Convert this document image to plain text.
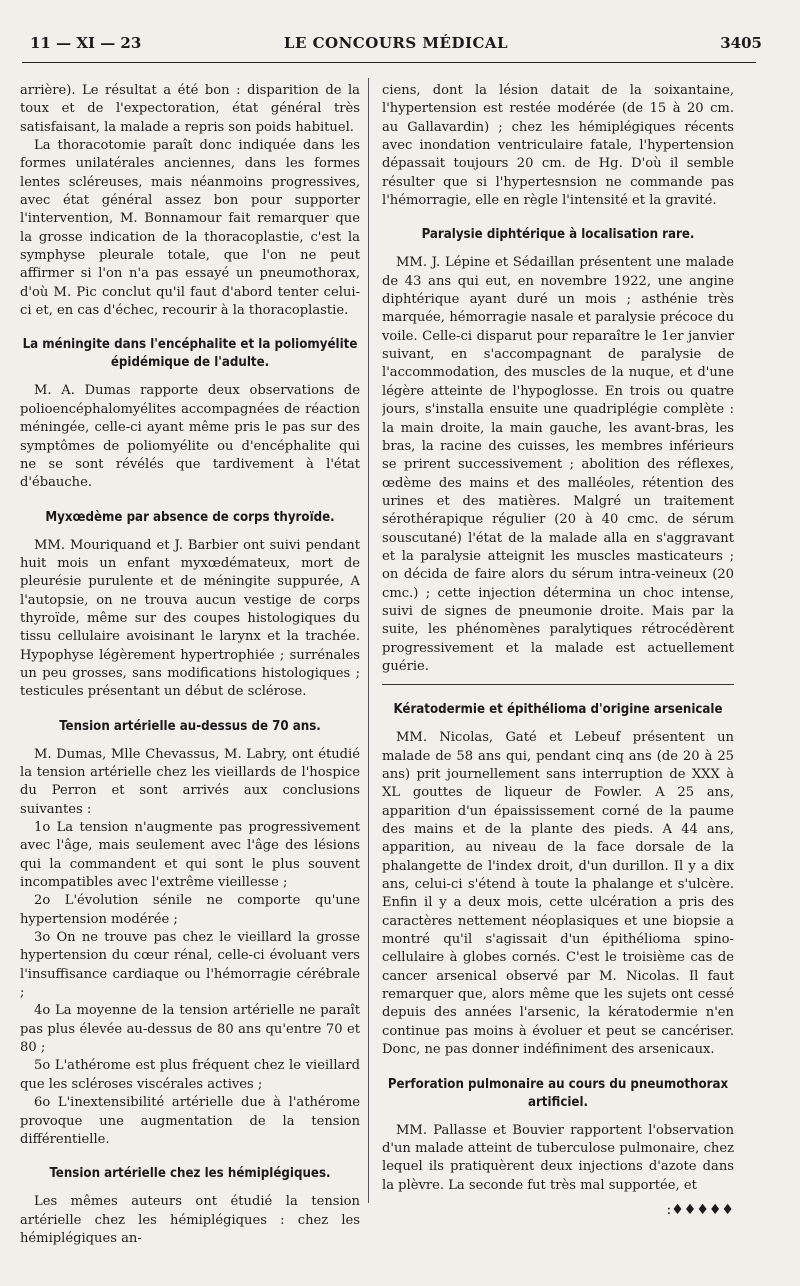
11 — XI — 23	LE CONCOURS MÉDICAL	3405

arrière). Le résultat a été bon : disparition de la toux et de l'expectoration, état général très satisfaisant, la malade a repris son poids habituel.

La thoracotomie paraît donc indiquée dans les formes unilatérales anciennes, dans les formes lentes scléreuses, mais néanmoins progressives, avec état général assez bon pour supporter l'intervention, M. Bonnamour fait remarquer que la grosse indication de la thoracoplastie, c'est la symphyse pleurale totale, que l'on ne peut affirmer si l'on n'a pas essayé un pneumothorax, d'où M. Pic conclut qu'il faut d'abord tenter celui-ci et, en cas d'échec, recourir à la thoracoplastie.

La méningite dans l'encéphalite et la poliomyélite épidémique de l'adulte.

M. A. Dumas rapporte deux observations de polioencéphalomyélites accompagnées de réaction méningée, celle-ci ayant même pris le pas sur des symptômes de poliomyélite ou d'encéphalite qui ne se sont révélés que tardivement à l'état d'ébauche.

Myxœdème par absence de corps thyroïde.

MM. Mouriquand et J. Barbier ont suivi pendant huit mois un enfant myxœdémateux, mort de pleurésie purulente et de méningite suppurée, A l'autopsie, on ne trouva aucun vestige de corps thyroïde, même sur des coupes histologiques du tissu cellulaire avoisinant le larynx et la trachée. Hypophyse légèrement hypertrophiée ; surrénales un peu grosses, sans modifications histologiques ; testicules présentant un début de sclérose.

Tension artérielle au-dessus de 70 ans.

M. Dumas, Mlle Chevassus, M. Labry, ont étudié la tension artérielle chez les vieillards de l'hospice du Perron et sont arrivés aux conclusions suivantes :

1o La tension n'augmente pas progressivement avec l'âge, mais seulement avec l'âge des lésions qui la commandent et qui sont le plus souvent incompatibles avec l'extrême vieillesse ;

2o L'évolution sénile ne comporte qu'une hypertension modérée ;

3o On ne trouve pas chez le vieillard la grosse hypertension du cœur rénal, celle-ci évoluant vers l'insuffisance cardiaque ou l'hémorragie cérébrale ;

4o La moyenne de la tension artérielle ne paraît pas plus élevée au-dessus de 80 ans qu'entre 70 et 80 ;

5o L'athérome est plus fréquent chez le vieillard que les scléroses viscérales actives ;

6o L'inextensibilité artérielle due à l'athérome provoque une augmentation de la tension différentielle.

Tension artérielle chez les hémiplégiques.

Les mêmes auteurs ont étudié la tension artérielle chez les hémiplégiques : chez les hémiplégiques an-

ciens, dont la lésion datait de la soixantaine, l'hypertension est restée modérée (de 15 à 20 cm. au Gallavardin) ; chez les hémiplégiques récents avec inondation ventriculaire fatale, l'hypertension dépassait toujours 20 cm. de Hg. D'où il semble résulter que si l'hypertesnsion ne commande pas l'hémorragie, elle en règle l'intensité et la gravité.

Paralysie diphtérique à localisation rare.

MM. J. Lépine et Sédaillan présentent une malade de 43 ans qui eut, en novembre 1922, une angine diphtérique ayant duré un mois ; asthénie très marquée, hémorragie nasale et paralysie précoce du voile. Celle-ci disparut pour reparaître le 1er janvier suivant, en s'accompagnant de paralysie de l'accommodation, des muscles de la nuque, et d'une légère atteinte de l'hypoglosse. En trois ou quatre jours, s'installa ensuite une quadriplégie complète : la main droite, la main gauche, les avant-bras, les bras, la racine des cuisses, les membres inférieurs se prirent successivement ; abolition des réflexes, œdème des mains et des malléoles, rétention des urines et des matières. Malgré un traitement sérothérapique régulier (20 à 40 cmc. de sérum souscutané) l'état de la malade alla en s'aggravant et la paralysie atteignit les muscles masticateurs ; on décida de faire alors du sérum intra-veineux (20 cmc.) ; cette injection détermina un choc intense, suivi de signes de pneumonie droite. Mais par la suite, les phénomènes paralytiques rétrocédèrent progressivement et la malade est actuellement guérie.

Kératodermie et épithélioma d'origine arsenicale

MM. Nicolas, Gaté et Lebeuf présentent un malade de 58 ans qui, pendant cinq ans (de 20 à 25 ans) prit journellement sans interruption de XXX à XL gouttes de liqueur de Fowler. A 25 ans, apparition d'un épaississement corné de la paume des mains et de la plante des pieds. A 44 ans, apparition, au niveau de la face dorsale de la phalangette de l'index droit, d'un durillon. Il y a dix ans, celui-ci s'étend à toute la phalange et s'ulcère. Enfin il y a deux mois, cette ulcération a pris des caractères nettement néoplasiques et une biopsie a montré qu'il s'agissait d'un épithélioma spino-cellulaire à globes cornés. C'est le troisième cas de cancer arsenical observé par M. Nicolas. Il faut remarquer que, alors même que les sujets ont cessé depuis des années l'arsenic, la kératodermie n'en continue pas moins à évoluer et peut se cancériser. Donc, ne pas donner indéfiniment des arsenicaux.

Perforation pulmonaire au cours du pneumothorax artificiel.

MM. Pallasse et Bouvier rapportent l'observation d'un malade atteint de tuberculose pulmonaire, chez lequel ils pratiquèrent deux injections d'azote dans la plèvre. La seconde fut très mal supportée, et

:♦♦♦♦♦
